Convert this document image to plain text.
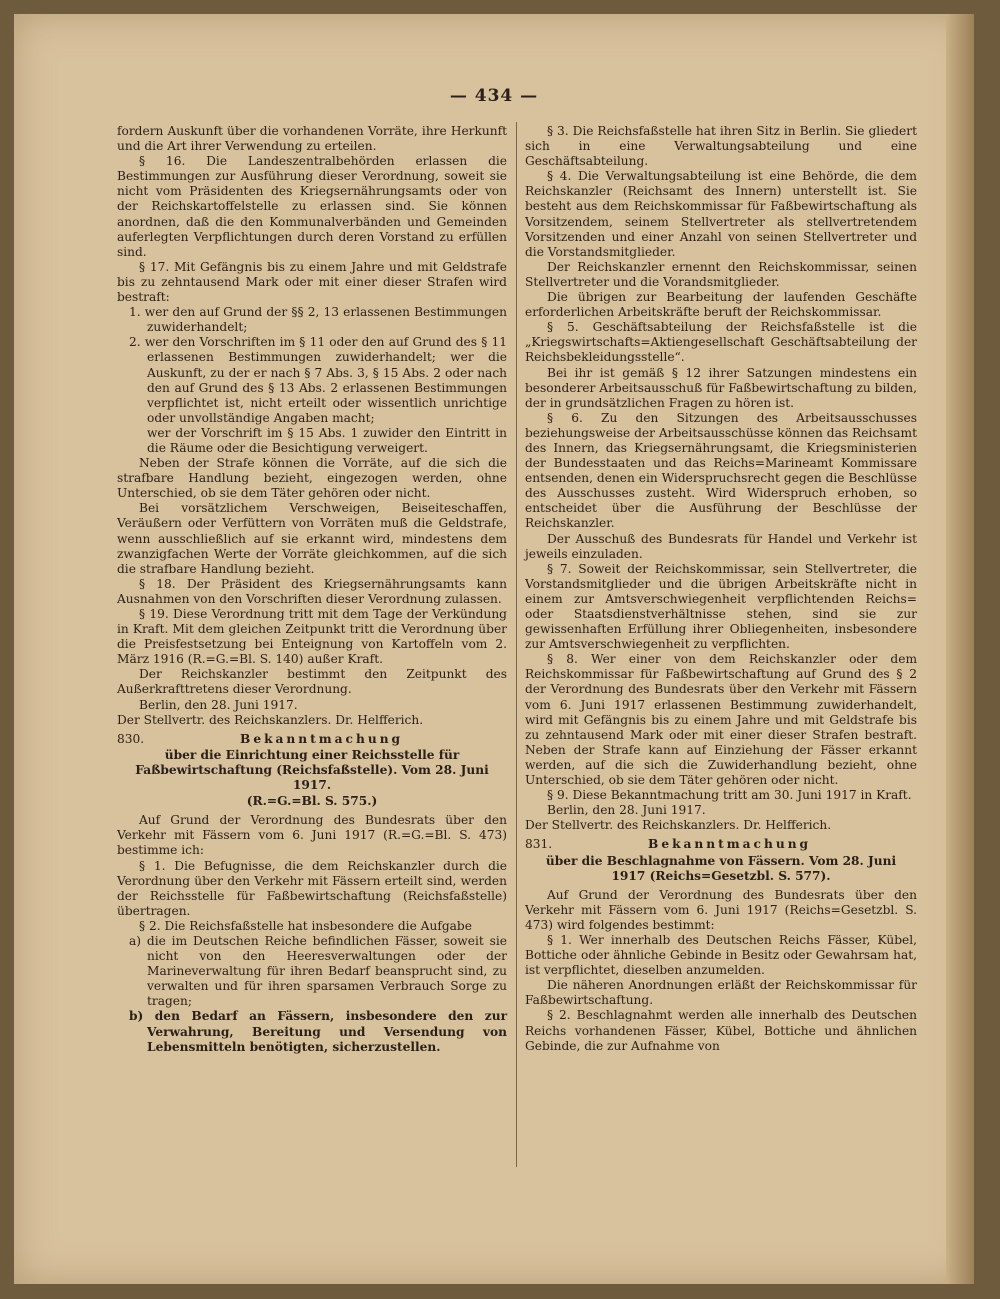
— 434 —

fordern Auskunft über die vorhandenen Vorräte, ihre Herkunft und die Art ihrer Verwendung zu erteilen.

§ 16. Die Landeszentralbehörden erlassen die Bestimmungen zur Ausführung dieser Verordnung, soweit sie nicht vom Präsidenten des Kriegsernährungsamts oder von der Reichskartoffelstelle zu erlassen sind. Sie können anordnen, daß die den Kommunalverbänden und Gemeinden auferlegten Verpflichtungen durch deren Vorstand zu erfüllen sind.

§ 17. Mit Gefängnis bis zu einem Jahre und mit Geldstrafe bis zu zehntausend Mark oder mit einer dieser Strafen wird bestraft:

1. wer den auf Grund der §§ 2, 13 erlassenen Bestimmungen zuwiderhandelt;

2. wer den Vorschriften im § 11 oder den auf Grund des § 11 erlassenen Bestimmungen zuwiderhandelt; wer die Auskunft, zu der er nach § 7 Abs. 3, § 15 Abs. 2 oder nach den auf Grund des § 13 Abs. 2 erlassenen Bestimmungen verpflichtet ist, nicht erteilt oder wissentlich unrichtige oder unvollständige Angaben macht;

wer der Vorschrift im § 15 Abs. 1 zuwider den Eintritt in die Räume oder die Besichtigung verweigert.

Neben der Strafe können die Vorräte, auf die sich die strafbare Handlung bezieht, eingezogen werden, ohne Unterschied, ob sie dem Täter gehören oder nicht.

Bei vorsätzlichem Verschweigen, Beiseiteschaffen, Veräußern oder Verfüttern von Vorräten muß die Geldstrafe, wenn ausschließlich auf sie erkannt wird, mindestens dem zwanzigfachen Werte der Vorräte gleichkommen, auf die sich die strafbare Handlung bezieht.

§ 18. Der Präsident des Kriegsernährungsamts kann Ausnahmen von den Vorschriften dieser Verordnung zulassen.

§ 19. Diese Verordnung tritt mit dem Tage der Verkündung in Kraft. Mit dem gleichen Zeitpunkt tritt die Verordnung über die Preisfestsetzung bei Enteignung von Kartoffeln vom 2. März 1916 (R.=G.=Bl. S. 140) außer Kraft.

Der Reichskanzler bestimmt den Zeitpunkt des Außerkrafttretens dieser Verordnung.

Berlin, den 28. Juni 1917.

Der Stellvertr. des Reichskanzlers. Dr. Helfferich.

830.	Bekanntmachung

über die Einrichtung einer Reichsstelle für Faßbewirtschaftung (Reichsfaßstelle). Vom 28. Juni 1917.

(R.=G.=Bl. S. 575.)

Auf Grund der Verordnung des Bundesrats über den Verkehr mit Fässern vom 6. Juni 1917 (R.=G.=Bl. S. 473) bestimme ich:

§ 1. Die Befugnisse, die dem Reichskanzler durch die Verordnung über den Verkehr mit Fässern erteilt sind, werden der Reichsstelle für Faßbewirtschaftung (Reichsfaßstelle) übertragen.

§ 2. Die Reichsfaßstelle hat insbesondere die Aufgabe

a) die im Deutschen Reiche befindlichen Fässer, soweit sie nicht von den Heeresverwaltungen oder der Marineverwaltung für ihren Bedarf beansprucht sind, zu verwalten und für ihren sparsamen Verbrauch Sorge zu tragen;

b) den Bedarf an Fässern, insbesondere den zur Verwahrung, Bereitung und Versendung von Lebensmitteln benötigten, sicherzustellen.

§ 3. Die Reichsfaßstelle hat ihren Sitz in Berlin. Sie gliedert sich in eine Verwaltungsabteilung und eine Geschäftsabteilung.

§ 4. Die Verwaltungsabteilung ist eine Behörde, die dem Reichskanzler (Reichsamt des Innern) unterstellt ist. Sie besteht aus dem Reichskommissar für Faßbewirtschaftung als Vorsitzendem, seinem Stellvertreter als stellvertretendem Vorsitzenden und einer Anzahl von seinen Stellvertreter und die Vorstandsmitglieder.

Der Reichskanzler ernennt den Reichskommissar, seinen Stellvertreter und die Vorandsmitglieder.

Die übrigen zur Bearbeitung der laufenden Geschäfte erforderlichen Arbeitskräfte beruft der Reichskommissar.

§ 5. Geschäftsabteilung der Reichsfaßstelle ist die „Kriegswirtschafts=Aktiengesellschaft Geschäftsabteilung der Reichsbekleidungsstelle“.

Bei ihr ist gemäß § 12 ihrer Satzungen mindestens ein besonderer Arbeitsausschuß für Faßbewirtschaftung zu bilden, der in grundsätzlichen Fragen zu hören ist.

§ 6. Zu den Sitzungen des Arbeitsausschusses beziehungsweise der Arbeitsausschüsse können das Reichsamt des Innern, das Kriegsernährungsamt, die Kriegsministerien der Bundesstaaten und das Reichs=Marineamt Kommissare entsenden, denen ein Widerspruchsrecht gegen die Beschlüsse des Ausschusses zusteht. Wird Widerspruch erhoben, so entscheidet über die Ausführung der Beschlüsse der Reichskanzler.

Der Ausschuß des Bundesrats für Handel und Verkehr ist jeweils einzuladen.

§ 7. Soweit der Reichskommissar, sein Stellvertreter, die Vorstandsmitglieder und die übrigen Arbeitskräfte nicht in einem zur Amtsverschwiegenheit verpflichtenden Reichs= oder Staatsdienstverhältnisse stehen, sind sie zur gewissenhaften Erfüllung ihrer Obliegenheiten, insbesondere zur Amtsverschwiegenheit zu verpflichten.

§ 8. Wer einer von dem Reichskanzler oder dem Reichskommissar für Faßbewirtschaftung auf Grund des § 2 der Verordnung des Bundesrats über den Verkehr mit Fässern vom 6. Juni 1917 erlassenen Bestimmung zuwiderhandelt, wird mit Gefängnis bis zu einem Jahre und mit Geldstrafe bis zu zehntausend Mark oder mit einer dieser Strafen bestraft. Neben der Strafe kann auf Einziehung der Fässer erkannt werden, auf die sich die Zuwiderhandlung bezieht, ohne Unterschied, ob sie dem Täter gehören oder nicht.

§ 9. Diese Bekanntmachung tritt am 30. Juni 1917 in Kraft.

Berlin, den 28. Juni 1917.

Der Stellvertr. des Reichskanzlers. Dr. Helfferich.

831.	Bekanntmachung

über die Beschlagnahme von Fässern. Vom 28. Juni 1917 (Reichs=Gesetzbl. S. 577).

Auf Grund der Verordnung des Bundesrats über den Verkehr mit Fässern vom 6. Juni 1917 (Reichs=Gesetzbl. S. 473) wird folgendes bestimmt:

§ 1. Wer innerhalb des Deutschen Reichs Fässer, Kübel, Bottiche oder ähnliche Gebinde in Besitz oder Gewahrsam hat, ist verpflichtet, dieselben anzumelden.

Die näheren Anordnungen erläßt der Reichskommissar für Faßbewirtschaftung.

§ 2. Beschlagnahmt werden alle innerhalb des Deutschen Reichs vorhandenen Fässer, Kübel, Bottiche und ähnlichen Gebinde, die zur Aufnahme von
